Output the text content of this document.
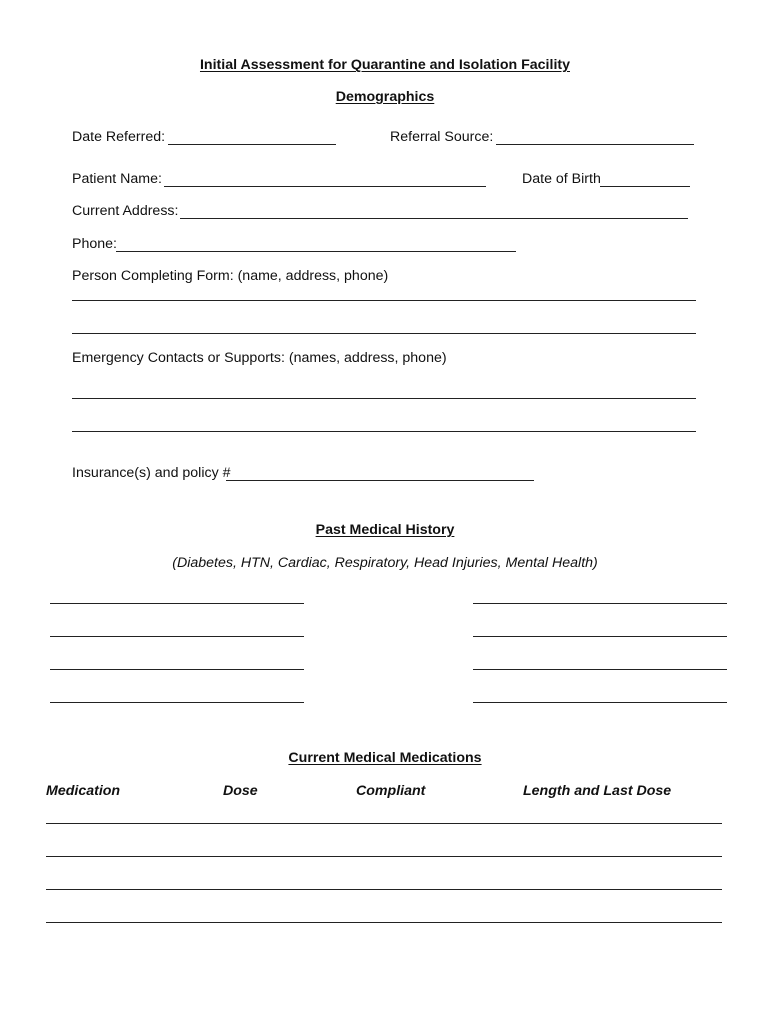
Initial Assessment for Quarantine and Isolation Facility
Demographics
Date Referred:	Referral Source:
Patient Name:	Date of Birth
Current Address:
Phone:
Person Completing Form: (name, address, phone)
Emergency Contacts or Supports: (names, address, phone)
Insurance(s) and policy #
Past Medical History
(Diabetes, HTN, Cardiac, Respiratory, Head Injuries, Mental Health)
Current Medical Medications
Medication	Dose	Compliant	Length and Last Dose
